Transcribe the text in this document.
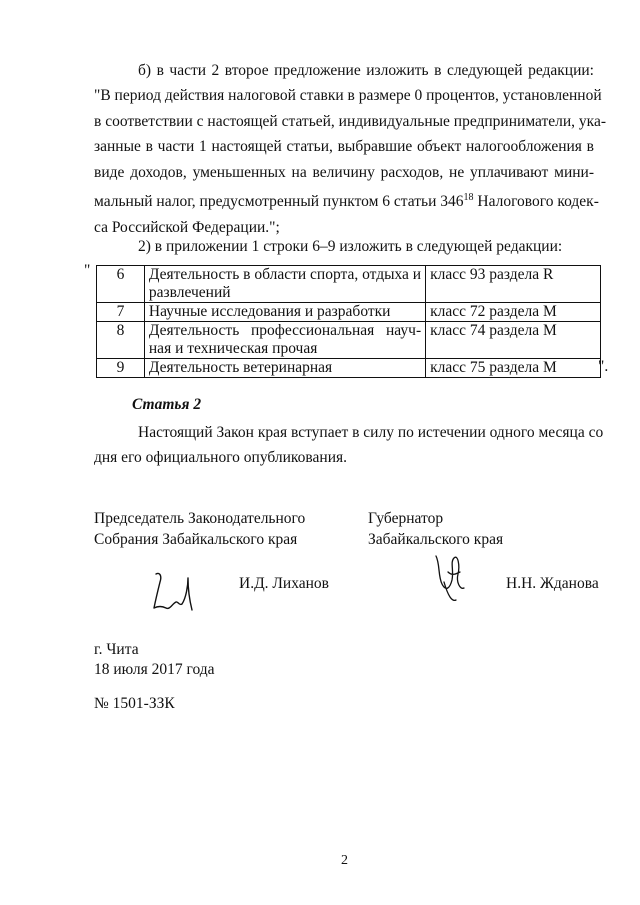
б) в части 2 второе предложение изложить в следующей редакции:
"В период действия налоговой ставки в размере 0 процентов, установленной
в соответствии с настоящей статьей, индивидуальные предприниматели, ука-
занные в части 1 настоящей статьи, выбравшие объект налогообложения в
виде доходов, уменьшенных на величину расходов, не уплачивают мини-
мальный налог, предусмотренный пунктом 6 статьи $346^{18}$ Налогового кодек-
са Российской Федерации.";
2) в приложении 1 строки 6–9 изложить в следующей редакции:
" 6	Деятельность в области спорта, отдыха и
развлечений	класс 93 раздела R
7	Научные исследования и разработки	класс 72 раздела M
8	Деятельность профессиональная науч-
ная и техническая прочая	класс 74 раздела M
9	Деятельность ветеринарная	класс 75 раздела M	".

Статья 2

Настоящий Закон края вступает в силу по истечении одного месяца со
дня его официального опубликования.
Председатель Законодательного
Собрания Забайкальского края
Губернатор
Забайкальского края
И.Д. Лиханов	Н.Н. Жданова
г. Чита
18 июля 2017 года
№ 1501-ЗЗК
2
